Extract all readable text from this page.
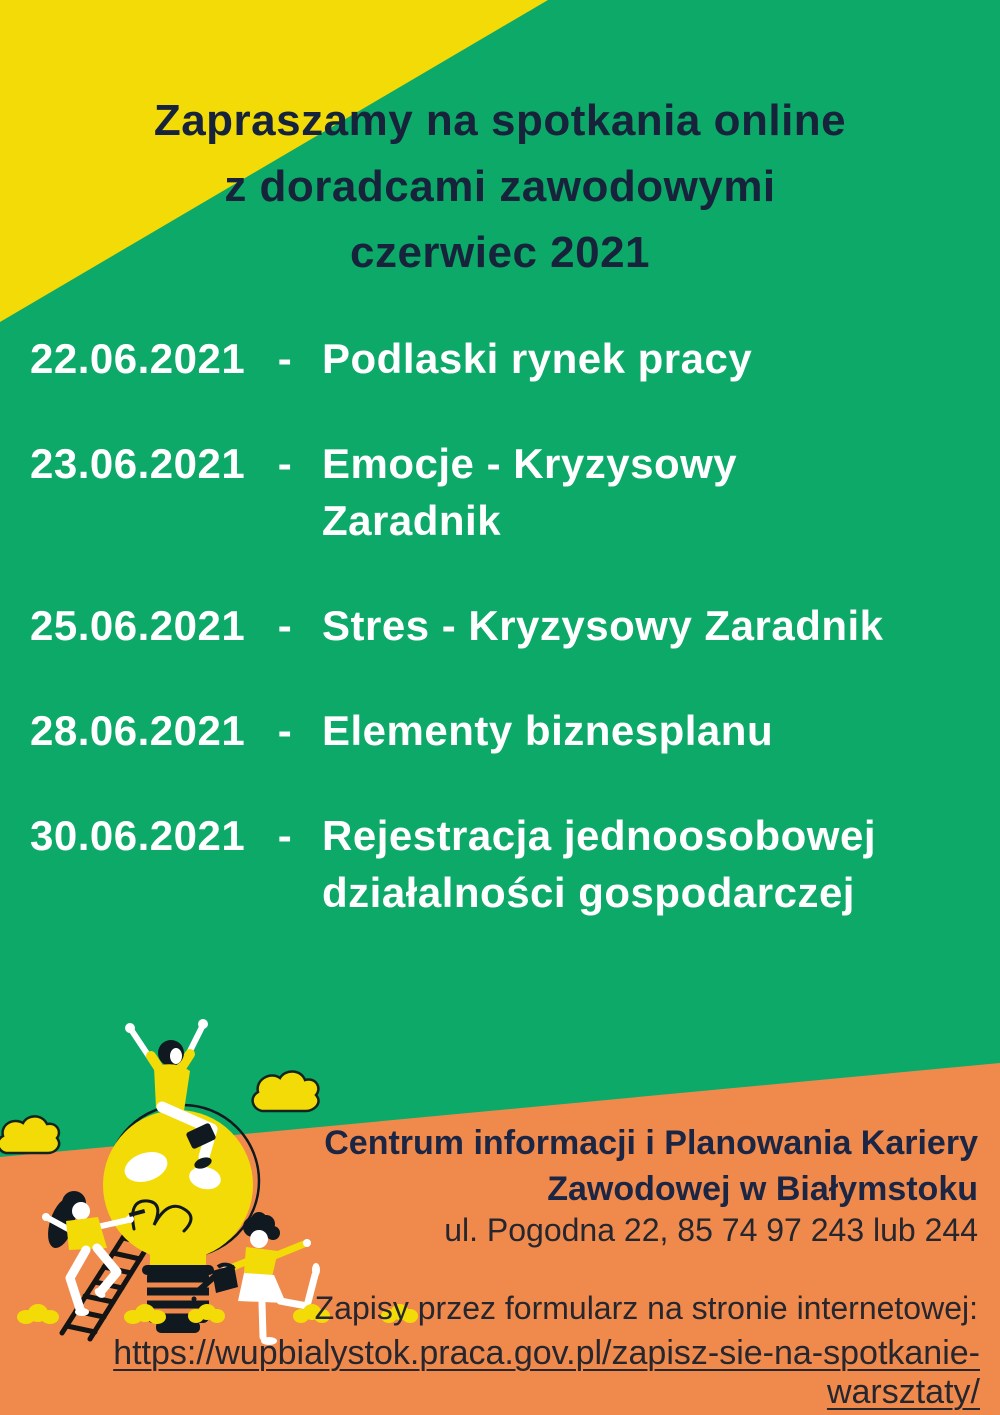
Zapraszamy na spotkania online
z doradcami zawodowymi
czerwiec 2021
22.06.2021 - Podlaski rynek pracy
23.06.2021 - Emocje - Kryzysowy
Zaradnik
25.06.2021 - Stres - Kryzysowy Zaradnik
28.06.2021 - Elementy biznesplanu
30.06.2021 - Rejestracja jednoosobowej
działalności gospodarczej
Centrum informacji i Planowania Kariery
Zawodowej w Białymstoku
ul. Pogodna 22, 85 74 97 243 lub 244
Zapisy przez formularz na stronie internetowej:
https://wupbialystok.praca.gov.pl/zapisz-sie-na-spotkanie-warsztaty/
